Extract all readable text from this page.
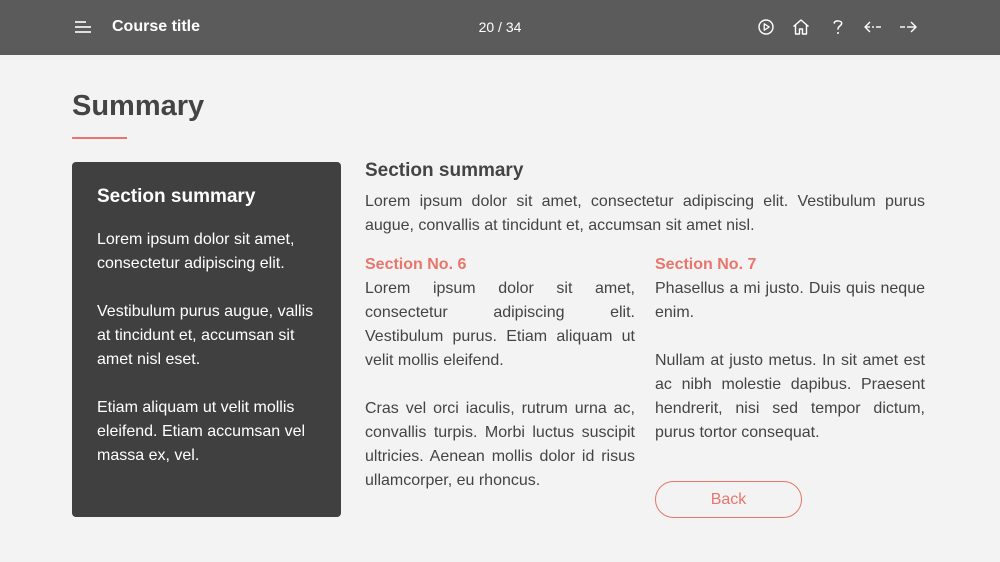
Course title	20 / 34
Summary
Section summary

Lorem ipsum dolor sit amet, consectetur adipiscing elit.

Vestibulum purus augue, vallis at tincidunt et, accumsan sit amet nisl eset.

Etiam aliquam ut velit mollis eleifend. Etiam accumsan vel massa ex, vel.

Section summary

Lorem ipsum dolor sit amet, consectetur adipiscing elit. Vestibulum purus augue, convallis at tincidunt et, accumsan sit amet nisl.

Section No. 6

Lorem ipsum dolor sit amet, consectetur adipiscing elit. Vestibulum purus. Etiam aliquam ut velit mollis eleifend.

Cras vel orci iaculis, rutrum urna ac, convallis turpis. Morbi luctus suscipit ultricies. Aenean mollis dolor id risus ullamcorper, eu rhoncus.

Section No. 7

Phasellus a mi justo. Duis quis neque enim.

Nullam at justo metus. In sit amet est ac nibh molestie dapibus. Praesent hendrerit, nisi sed tempor dictum, purus tortor consequat.

Back
